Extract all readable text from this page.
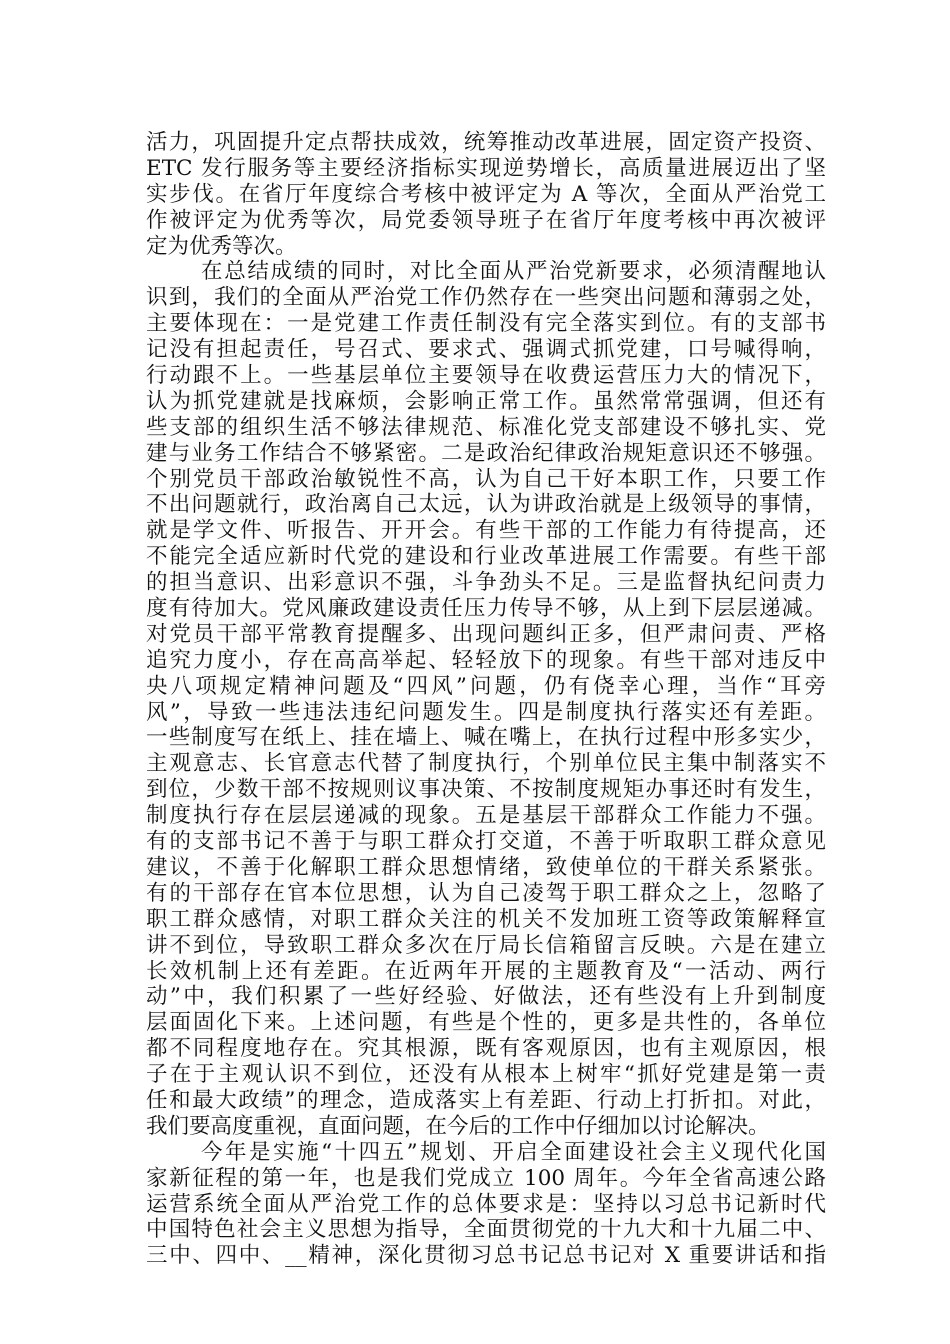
活力，巩固提升定点帮扶成效，统筹推动改革进展，固定资产投资、
ETC 发行服务等主要经济指标实现逆势增长，高质量进展迈出了坚
实步伐。在省厅年度综合考核中被评定为 A 等次，全面从严治党工
作被评定为优秀等次，局党委领导班子在省厅年度考核中再次被评
定为优秀等次。
在总结成绩的同时，对比全面从严治党新要求，必须清醒地认
识到，我们的全面从严治党工作仍然存在一些突出问题和薄弱之处，
主要体现在：一是党建工作责任制没有完全落实到位。有的支部书
记没有担起责任，号召式、要求式、强调式抓党建，口号喊得响，
行动跟不上。一些基层单位主要领导在收费运营压力大的情况下，
认为抓党建就是找麻烦，会影响正常工作。虽然常常强调，但还有
些支部的组织生活不够法律规范、标准化党支部建设不够扎实、党
建与业务工作结合不够紧密。二是政治纪律政治规矩意识还不够强。
个别党员干部政治敏锐性不高，认为自己干好本职工作，只要工作
不出问题就行，政治离自己太远，认为讲政治就是上级领导的事情，
就是学文件、听报告、开开会。有些干部的工作能力有待提高，还
不能完全适应新时代党的建设和行业改革进展工作需要。有些干部
的担当意识、出彩意识不强，斗争劲头不足。三是监督执纪问责力
度有待加大。党风廉政建设责任压力传导不够，从上到下层层递减。
对党员干部平常教育提醒多、出现问题纠正多，但严肃问责、严格
追究力度小，存在高高举起、轻轻放下的现象。有些干部对违反中
央八项规定精神问题及“四风”问题，仍有侥幸心理，当作“耳旁
风”，导致一些违法违纪问题发生。四是制度执行落实还有差距。
一些制度写在纸上、挂在墙上、喊在嘴上，在执行过程中形多实少，
主观意志、长官意志代替了制度执行，个别单位民主集中制落实不
到位，少数干部不按规则议事决策、不按制度规矩办事还时有发生，
制度执行存在层层递减的现象。五是基层干部群众工作能力不强。
有的支部书记不善于与职工群众打交道，不善于听取职工群众意见
建议，不善于化解职工群众思想情绪，致使单位的干群关系紧张。
有的干部存在官本位思想，认为自己凌驾于职工群众之上，忽略了
职工群众感情，对职工群众关注的机关不发加班工资等政策解释宣
讲不到位，导致职工群众多次在厅局长信箱留言反映。六是在建立
长效机制上还有差距。在近两年开展的主题教育及“一活动、两行
动”中，我们积累了一些好经验、好做法，还有些没有上升到制度
层面固化下来。上述问题，有些是个性的，更多是共性的，各单位
都不同程度地存在。究其根源，既有客观原因，也有主观原因，根
子在于主观认识不到位，还没有从根本上树牢“抓好党建是第一责
任和最大政绩”的理念，造成落实上有差距、行动上打折扣。对此，
我们要高度重视，直面问题，在今后的工作中仔细加以讨论解决。
今年是实施“十四五”规划、开启全面建设社会主义现代化国
家新征程的第一年，也是我们党成立 100 周年。今年全省高速公路
运营系统全面从严治党工作的总体要求是：坚持以习总书记新时代
中国特色社会主义思想为指导，全面贯彻党的十九大和十九届二中、
三中、四中、__精神，深化贯彻习总书记总书记对 X 重要讲话和指
